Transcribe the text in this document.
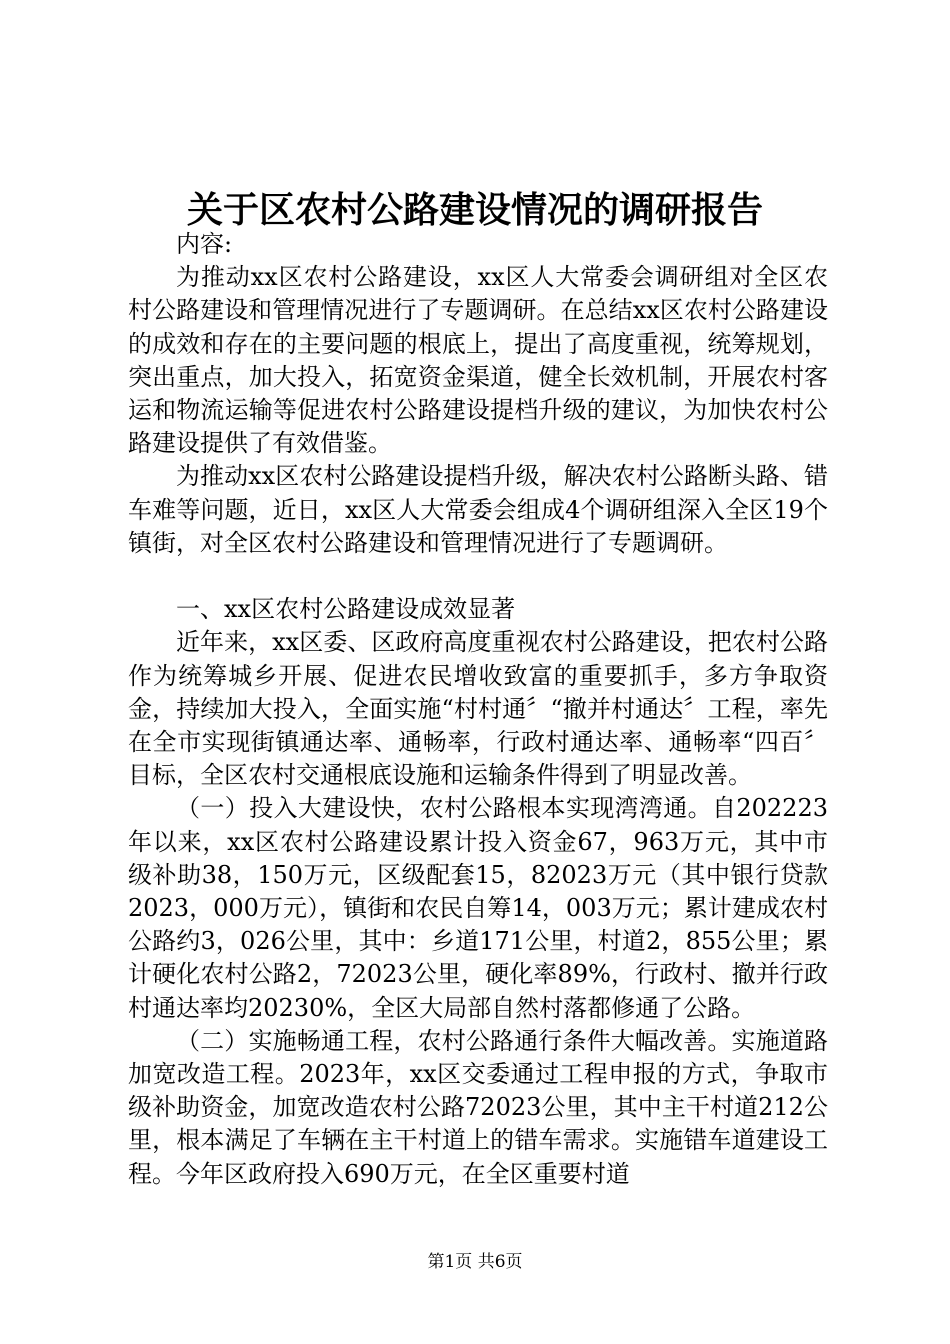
关于区农村公路建设情况的调研报告

内容:

为推动xx区农村公路建设，xx区人大常委会调研组对全区农村公路建设和管理情况进行了专题调研。在总结xx区农村公路建设的成效和存在的主要问题的根底上，提出了高度重视，统筹规划，突出重点，加大投入，拓宽资金渠道，健全长效机制，开展农村客运和物流运输等促进农村公路建设提档升级的建议，为加快农村公路建设提供了有效借鉴。

为推动xx区农村公路建设提档升级，解决农村公路断头路、错车难等问题，近日，xx区人大常委会组成4个调研组深入全区19个镇街，对全区农村公路建设和管理情况进行了专题调研。

一、xx区农村公路建设成效显著

近年来，xx区委、区政府高度重视农村公路建设，把农村公路作为统筹城乡开展、促进农民增收致富的重要抓手，多方争取资金，持续加大投入，全面实施“村村通〞“撤并村通达〞工程，率先在全市实现街镇通达率、通畅率，行政村通达率、通畅率“四百〞目标，全区农村交通根底设施和运输条件得到了明显改善。

（一）投入大建设快，农村公路根本实现湾湾通。自202223年以来，xx区农村公路建设累计投入资金67，963万元，其中市级补助38，150万元，区级配套15，82023万元（其中银行贷款2023，000万元），镇街和农民自筹14，003万元；累计建成农村公路约3，026公里，其中：乡道171公里，村道2，855公里；累计硬化农村公路2，72023公里，硬化率89%，行政村、撤并行政村通达率均20230%，全区大局部自然村落都修通了公路。

（二）实施畅通工程，农村公路通行条件大幅改善。实施道路加宽改造工程。2023年，xx区交委通过工程申报的方式，争取市级补助资金，加宽改造农村公路72023公里，其中主干村道212公里，根本满足了车辆在主干村道上的错车需求。实施错车道建设工程。今年区政府投入690万元，在全区重要村道

第1页 共6页
